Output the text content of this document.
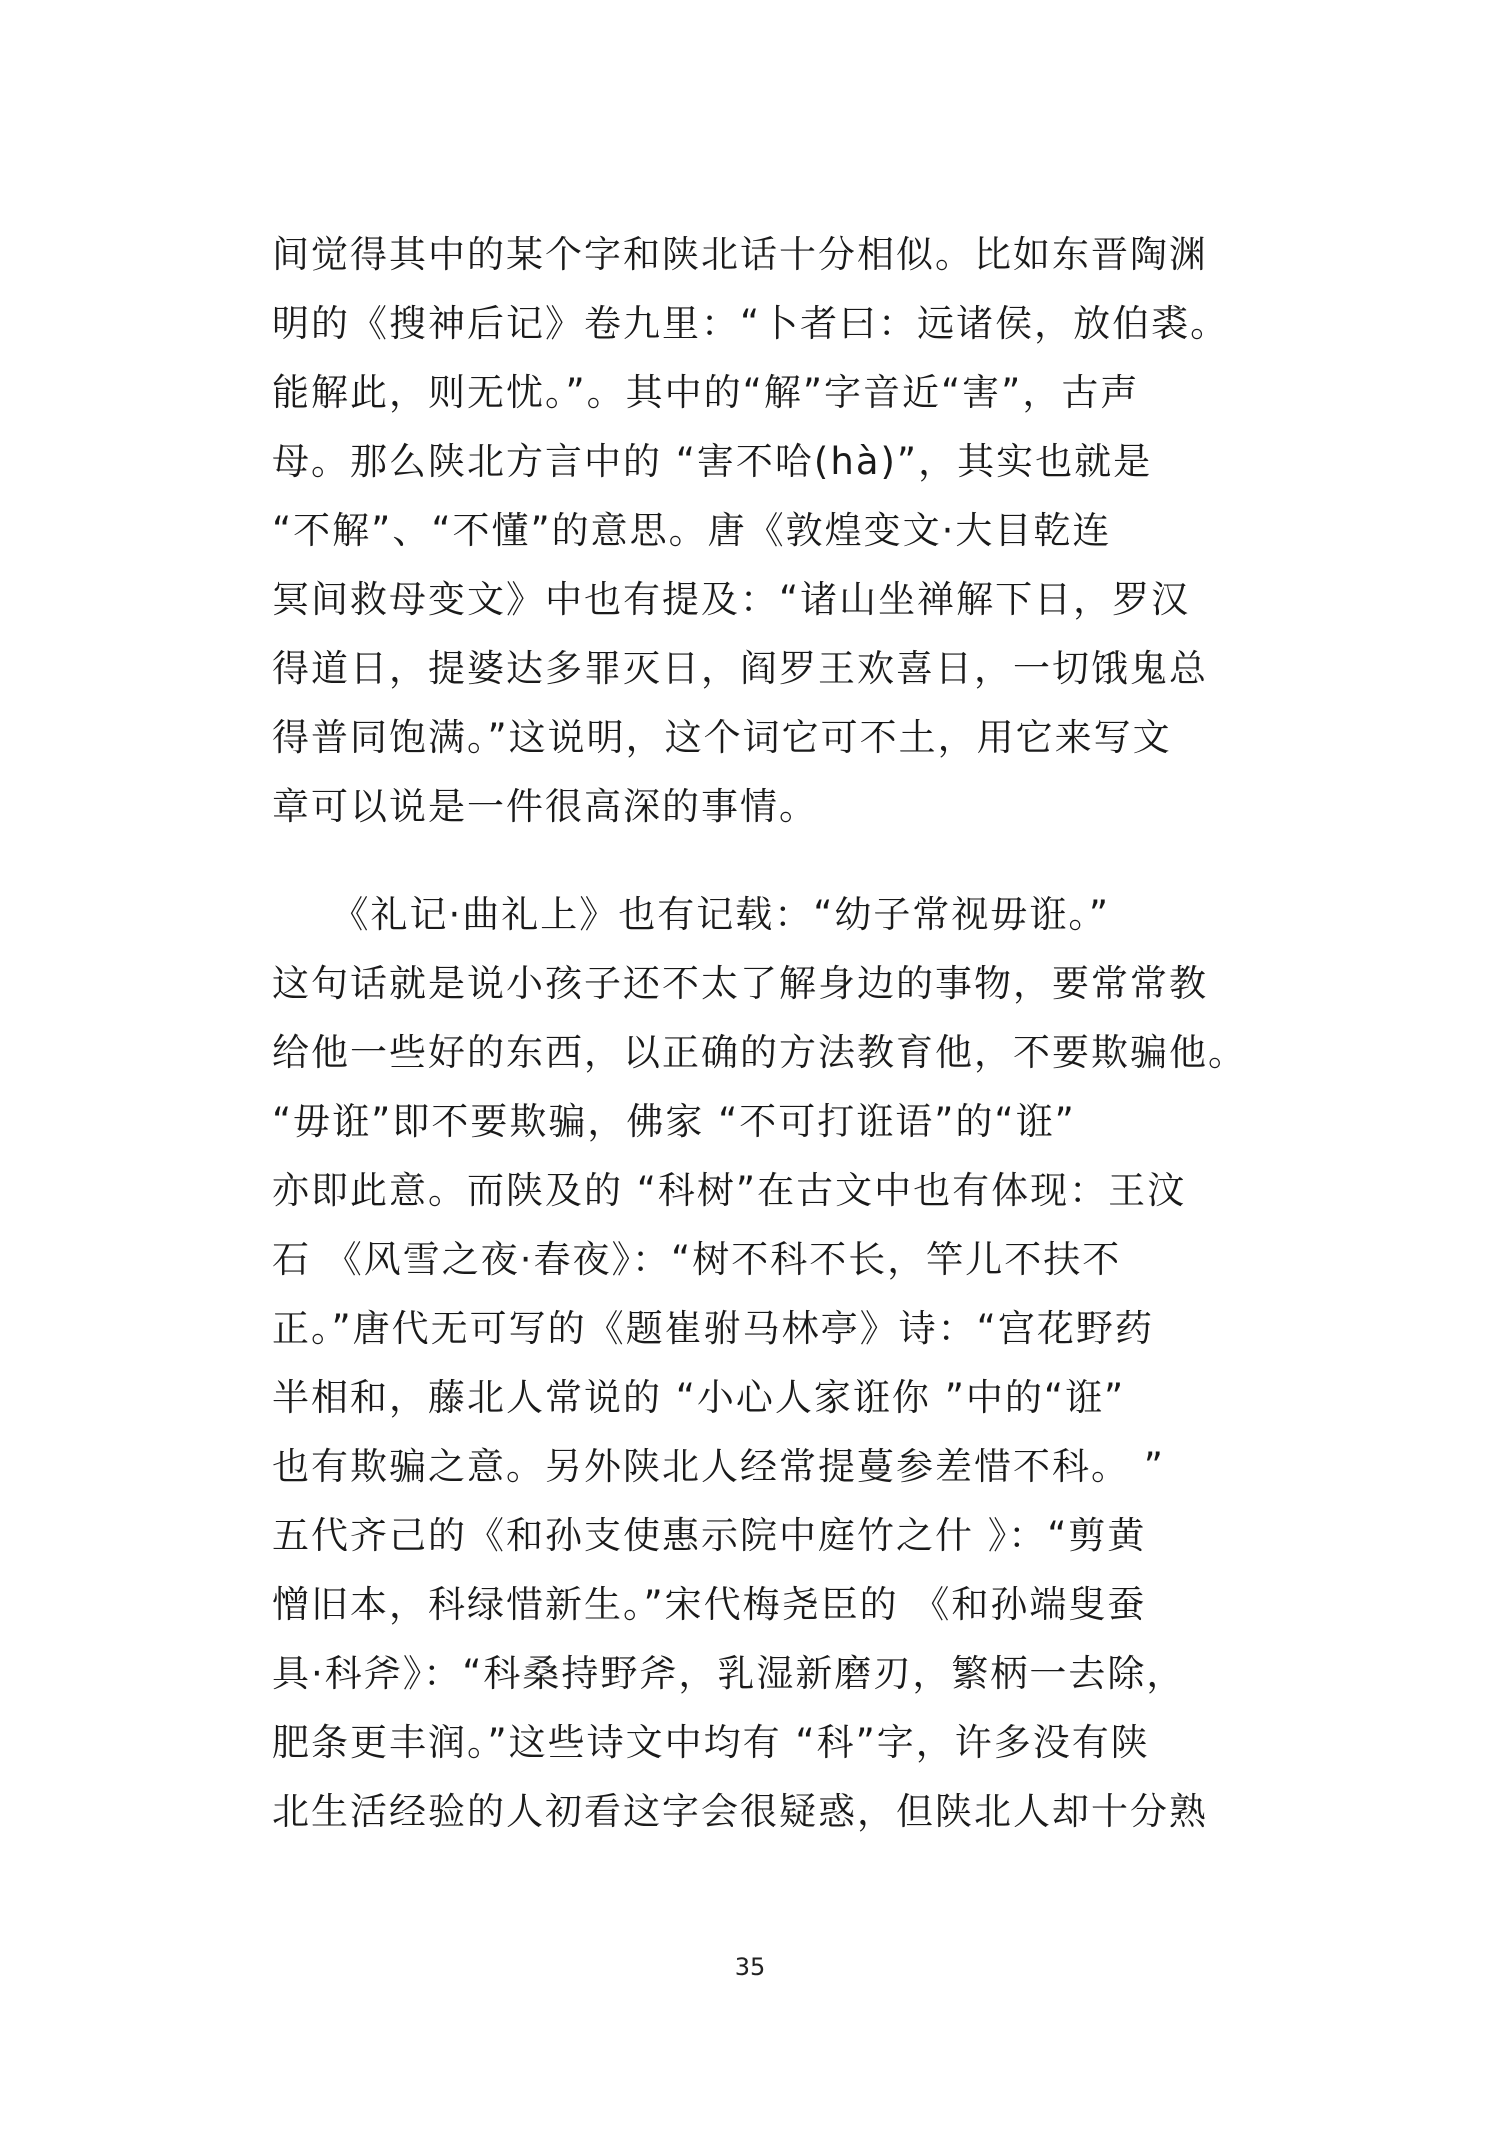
间觉得其中的某个字和陕北话十分相似。比如东晋陶渊
明的《搜神后记》卷九里：“卜者曰：远诸侯，放伯裘。
能解此，则无忧。”。其中的“解”字音近“害”，古声
母。那么陕北方言中的 “害不哈(hà)”，其实也就是
“不解”、“不懂”的意思。唐《敦煌变文·大目乾连
冥间救母变文》中也有提及：“诸山坐禅解下日，罗汉
得道日，提婆达多罪灭日，阎罗王欢喜日，一切饿鬼总
得普同饱满。”这说明，这个词它可不土，用它来写文
章可以说是一件很高深的事情。
　　《礼记·曲礼上》也有记载：“幼子常视毋诳。”
这句话就是说小孩子还不太了解身边的事物，要常常教
给他一些好的东西，以正确的方法教育他，不要欺骗他。
“毋诳”即不要欺骗，佛家 “不可打诳语”的“诳”
亦即此意。而陕及的 “科树”在古文中也有体现：王汶
石 《风雪之夜·春夜》：“树不科不长，竿儿不扶不
正。”唐代无可写的《题崔驸马林亭》诗：“宫花野药
半相和，藤北人常说的 “小心人家诳你 ”中的“诳”
也有欺骗之意。另外陕北人经常提蔓参差惜不科。 ”
五代齐己的《和孙支使惠示院中庭竹之什 》：“剪黄
憎旧本，科绿惜新生。”宋代梅尧臣的 《和孙端叟蚕
具·科斧》：“科桑持野斧，乳湿新磨刃，繁柄一去除，
肥条更丰润。”这些诗文中均有 “科”字，许多没有陕
北生活经验的人初看这字会很疑惑，但陕北人却十分熟
35
